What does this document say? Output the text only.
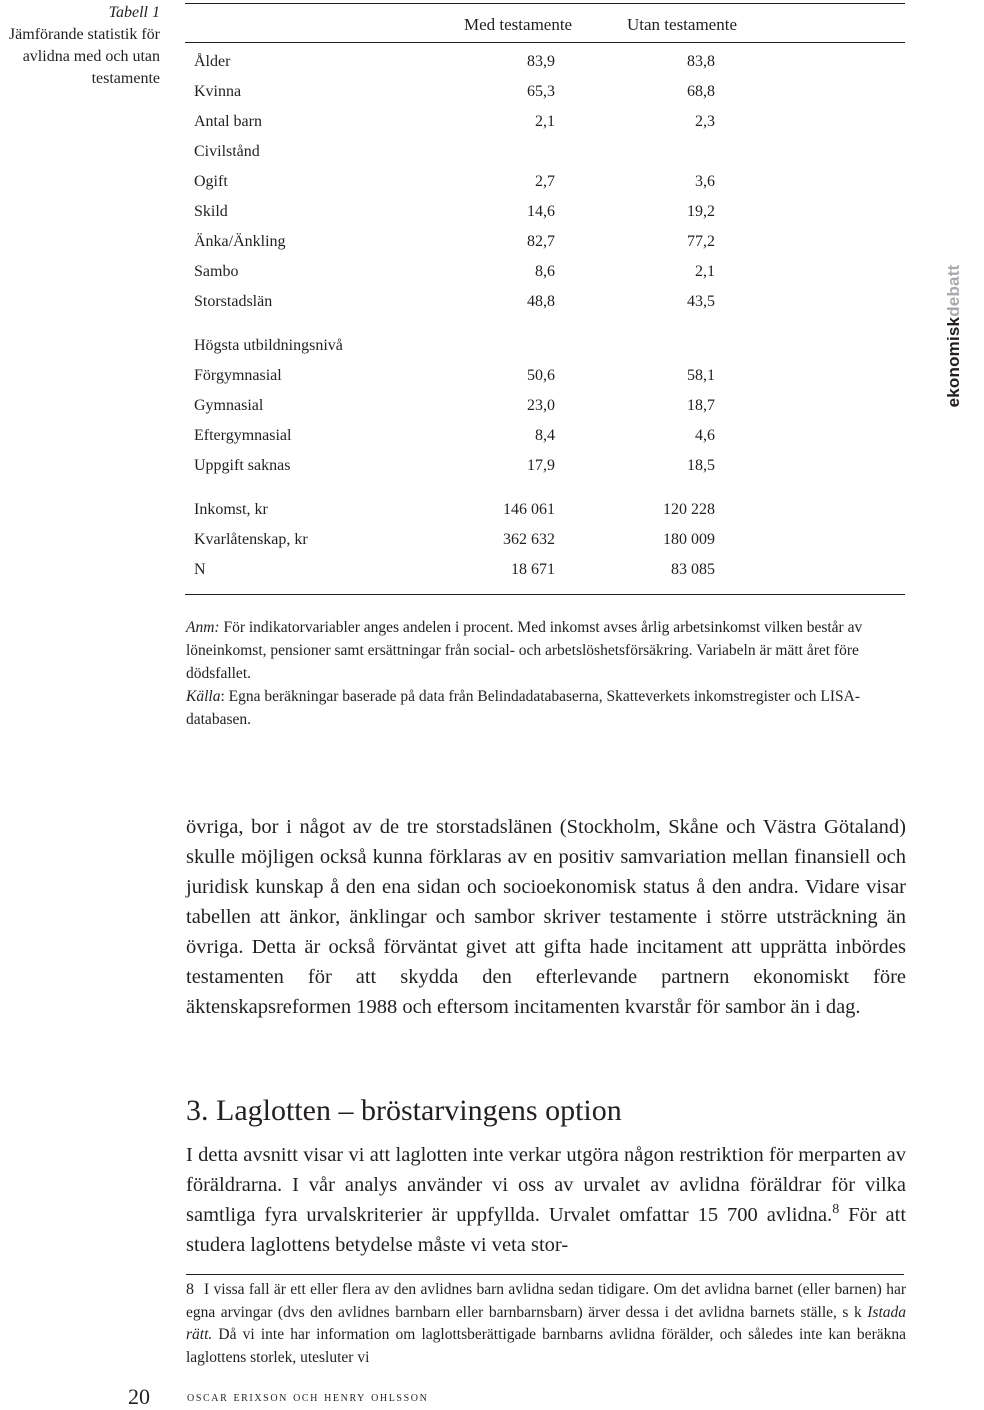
Tabell 1
Jämförande statistik för avlidna med och utan testamente
ekonomiskdebatt
Med testamente	Utan testamente
Ålder	83,9	83,8
Kvinna	65,3	68,8
Antal barn	2,1	2,3
Civilstånd
Ogift	2,7	3,6
Skild	14,6	19,2
Änka/Änkling	82,7	77,2
Sambo	8,6	2,1
Storstadslän	48,8	43,5
Högsta utbildningsnivå
Förgymnasial	50,6	58,1
Gymnasial	23,0	18,7
Eftergymnasial	8,4	4,6
Uppgift saknas	17,9	18,5
Inkomst, kr	146 061	120 228
Kvarlåtenskap, kr	362 632	180 009
N	18 671	83 085

Anm: För indikatorvariabler anges andelen i procent. Med inkomst avses årlig arbetsinkomst vilken består av löneinkomst, pensioner samt ersättningar från social- och arbetslöshetsförsäkring. Variabeln är mätt året före dödsfallet.

Källa: Egna beräkningar baserade på data från Belindadatabaserna, Skatteverkets inkomstregister och LISA-databasen.

övriga, bor i något av de tre storstadslänen (Stockholm, Skåne och Västra Götaland) skulle möjligen också kunna förklaras av en positiv samvariation mellan finansiell och juridisk kunskap å den ena sidan och socioekonomisk status å den andra. Vidare visar tabellen att änkor, änklingar och sambor skriver testamente i större utsträckning än övriga. Detta är också förväntat givet att gifta hade incitament att upprätta inbördes testamenten för att skydda den efterlevande partnern ekonomiskt före äktenskapsreformen 1988 och eftersom incitamenten kvarstår för sambor än i dag.

3. Laglotten – bröstarvingens option

I detta avsnitt visar vi att laglotten inte verkar utgöra någon restriktion för merparten av föräldrarna. I vår analys använder vi oss av urvalet av avlidna föräldrar för vilka samtliga fyra urvalskriterier är uppfyllda. Urvalet omfattar 15 700 avlidna.$^8$ För att studera laglottens betydelse måste vi veta stor-

8 I vissa fall är ett eller flera av den avlidnes barn avlidna sedan tidigare. Om det avlidna barnet (eller barnen) har egna arvingar (dvs den avlidnes barnbarn eller barnbarnsbarn) ärver dessa i det avlidna barnets ställe, s k Istada rätt. Då vi inte har information om laglottsberättigade barnbarns avlidna förälder, och således inte kan beräkna laglottens storlek, utesluter vi

20	oscar erixson och henry ohlsson
